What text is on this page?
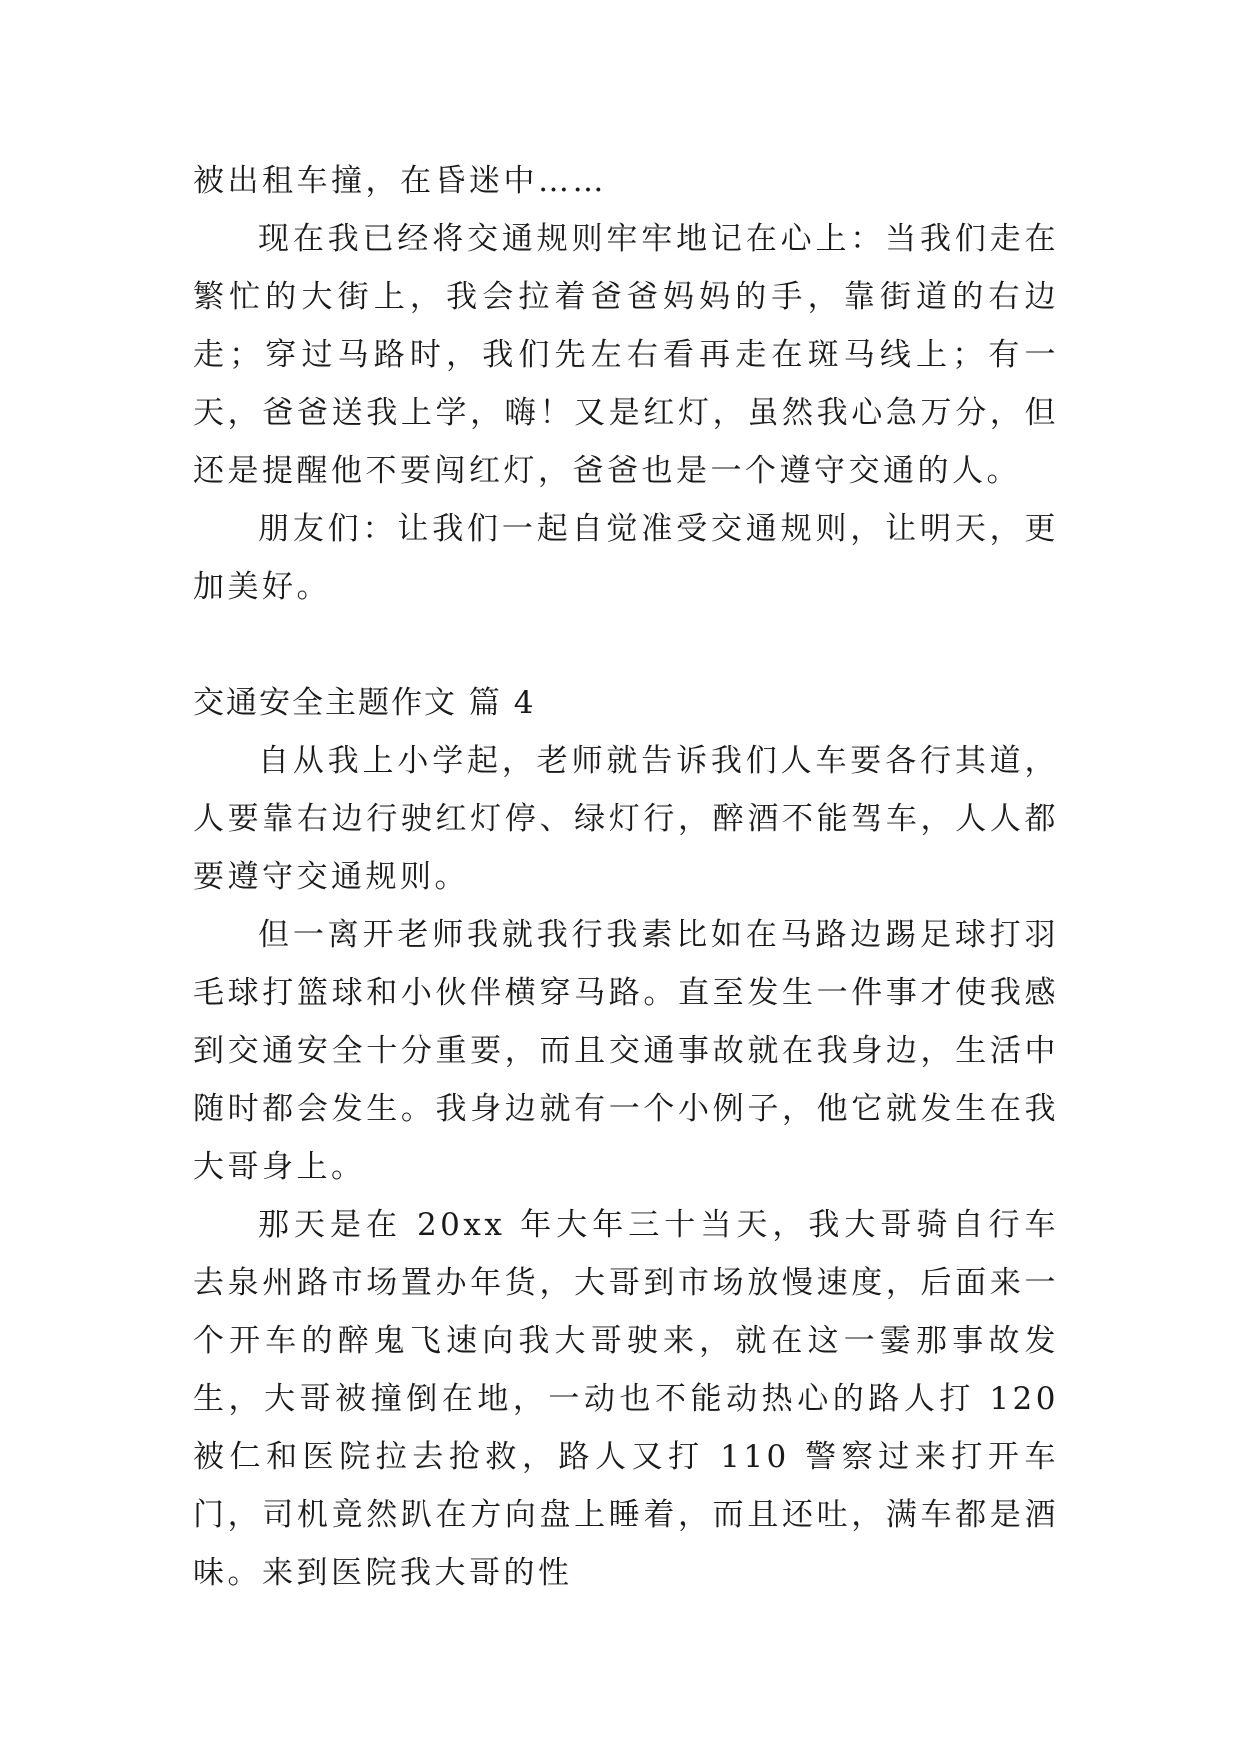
被出租车撞，在昏迷中……

现在我已经将交通规则牢牢地记在心上：当我们走在繁忙的大街上，我会拉着爸爸妈妈的手，靠街道的右边走；穿过马路时，我们先左右看再走在斑马线上；有一天，爸爸送我上学，嗨！又是红灯，虽然我心急万分，但还是提醒他不要闯红灯，爸爸也是一个遵守交通的人。

朋友们：让我们一起自觉准受交通规则，让明天，更加美好。

交通安全主题作文 篇 4

自从我上小学起，老师就告诉我们人车要各行其道，人要靠右边行驶红灯停、绿灯行，醉酒不能驾车，人人都要遵守交通规则。

但一离开老师我就我行我素比如在马路边踢足球打羽毛球打篮球和小伙伴横穿马路。直至发生一件事才使我感到交通安全十分重要，而且交通事故就在我身边，生活中随时都会发生。我身边就有一个小例子，他它就发生在我大哥身上。

那天是在 20xx 年大年三十当天，我大哥骑自行车去泉州路市场置办年货，大哥到市场放慢速度，后面来一个开车的醉鬼飞速向我大哥驶来，就在这一霎那事故发生，大哥被撞倒在地，一动也不能动热心的路人打 120 被仁和医院拉去抢救，路人又打 110 警察过来打开车门，司机竟然趴在方向盘上睡着，而且还吐，满车都是酒味。来到医院我大哥的性
